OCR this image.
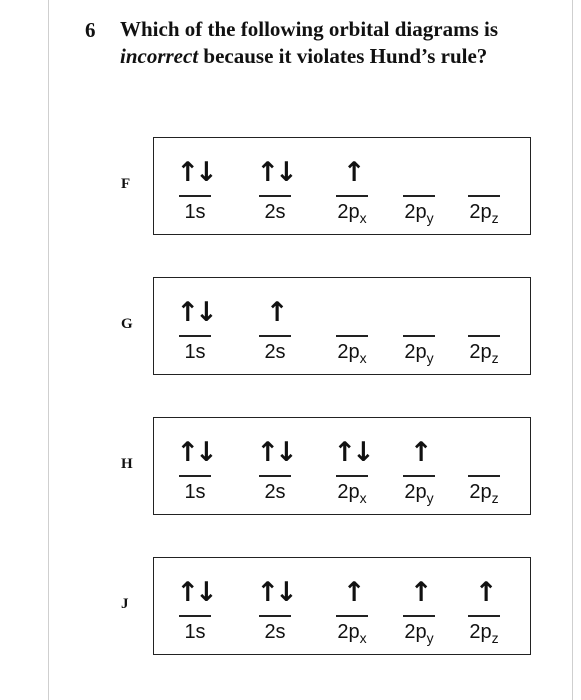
6 Which of the following orbital diagrams is incorrect because it violates Hund’s rule?
F ↑↓
1s
↑↓
2s
↑
$2p_x$	$2p_y$	$2p_z$
G ↑↓
1s
↑
2s	$2p_x$	$2p_y$	$2p_z$
H ↑↓
1s
↑↓
2s
↑↓
$2p_x$
↑
$2p_y$	$2p_z$
J ↑↓
1s
↑↓
2s
↑
$2p_x$
↑
$2p_y$
↑
$2p_z$
